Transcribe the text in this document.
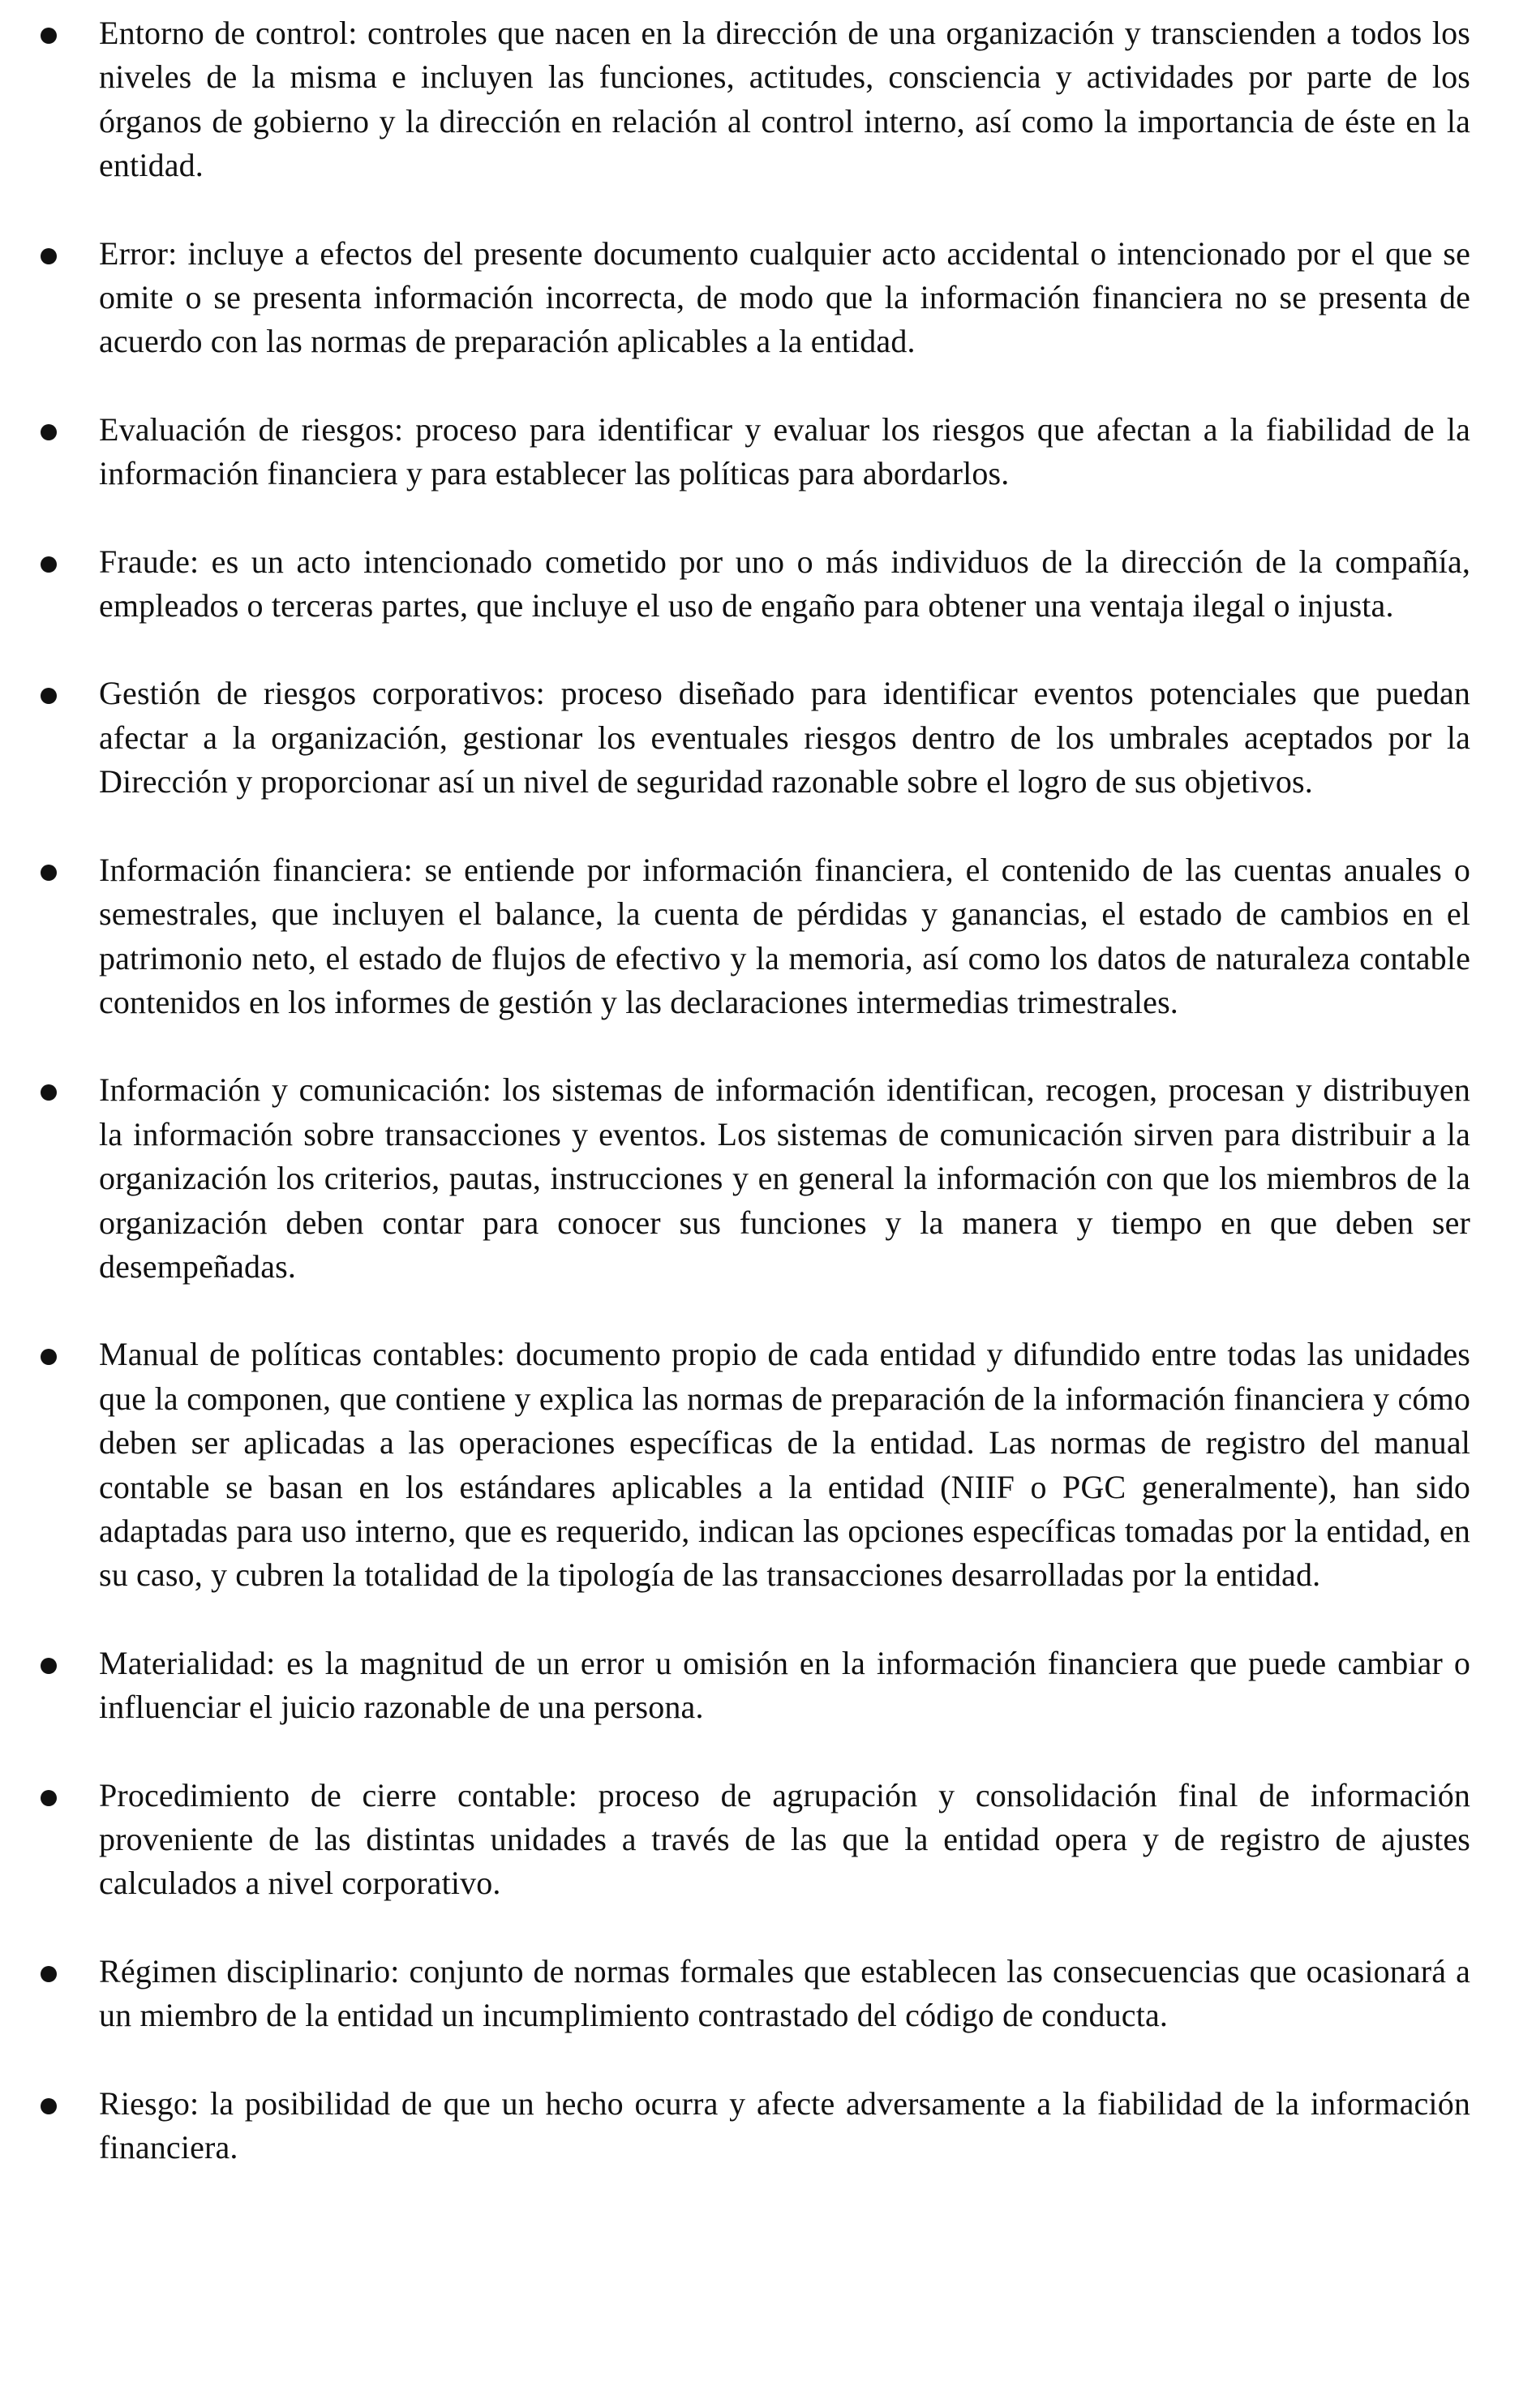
Entorno de control: controles que nacen en la dirección de una organización y transcienden a todos los niveles de la misma e incluyen las funciones, actitudes, consciencia y actividades por parte de los órganos de gobierno y la dirección en relación al control interno, así como la importancia de éste en la entidad.

Error: incluye a efectos del presente documento cualquier acto accidental o intencionado por el que se omite o se presenta información incorrecta, de modo que la información financiera no se presenta de acuerdo con las normas de preparación aplicables a la entidad.

Evaluación de riesgos: proceso para identificar y evaluar los riesgos que afectan a la fiabilidad de la información financiera y para establecer las políticas para abordarlos.

Fraude: es un acto intencionado cometido por uno o más individuos de la dirección de la compañía, empleados o terceras partes, que incluye el uso de engaño para obtener una ventaja ilegal o injusta.

Gestión de riesgos corporativos: proceso diseñado para identificar eventos potenciales que puedan afectar a la organización, gestionar los eventuales riesgos dentro de los umbrales aceptados por la Dirección y proporcionar así un nivel de seguridad razonable sobre el logro de sus objetivos.

Información financiera: se entiende por información financiera, el contenido de las cuentas anuales o semestrales, que incluyen el balance, la cuenta de pérdidas y ganancias, el estado de cambios en el patrimonio neto, el estado de flujos de efectivo y la memoria, así como los datos de naturaleza contable contenidos en los informes de gestión y las declaraciones intermedias trimestrales.

Información y comunicación: los sistemas de información identifican, recogen, procesan y distribuyen la información sobre transacciones y eventos. Los sistemas de comunicación sirven para distribuir a la organización los criterios, pautas, instrucciones y en general la información con que los miembros de la organización deben contar para conocer sus funciones y la manera y tiempo en que deben ser desempeñadas.

Manual de políticas contables: documento propio de cada entidad y difundido entre todas las unidades que la componen, que contiene y explica las normas de preparación de la información financiera y cómo deben ser aplicadas a las operaciones específicas de la entidad. Las normas de registro del manual contable se basan en los estándares aplicables a la entidad (NIIF o PGC generalmente), han sido adaptadas para uso interno, que es requerido, indican las opciones específicas tomadas por la entidad, en su caso, y cubren la totalidad de la tipología de las transacciones desarrolladas por la entidad.

Materialidad: es la magnitud de un error u omisión en la información financiera que puede cambiar o influenciar el juicio razonable de una persona.

Procedimiento de cierre contable: proceso de agrupación y consolidación final de información proveniente de las distintas unidades a través de las que la entidad opera y de registro de ajustes calculados a nivel corporativo.

Régimen disciplinario: conjunto de normas formales que establecen las consecuencias que ocasionará a un miembro de la entidad un incumplimiento contrastado del código de conducta.

Riesgo: la posibilidad de que un hecho ocurra y afecte adversamente a la fiabilidad de la información financiera.
